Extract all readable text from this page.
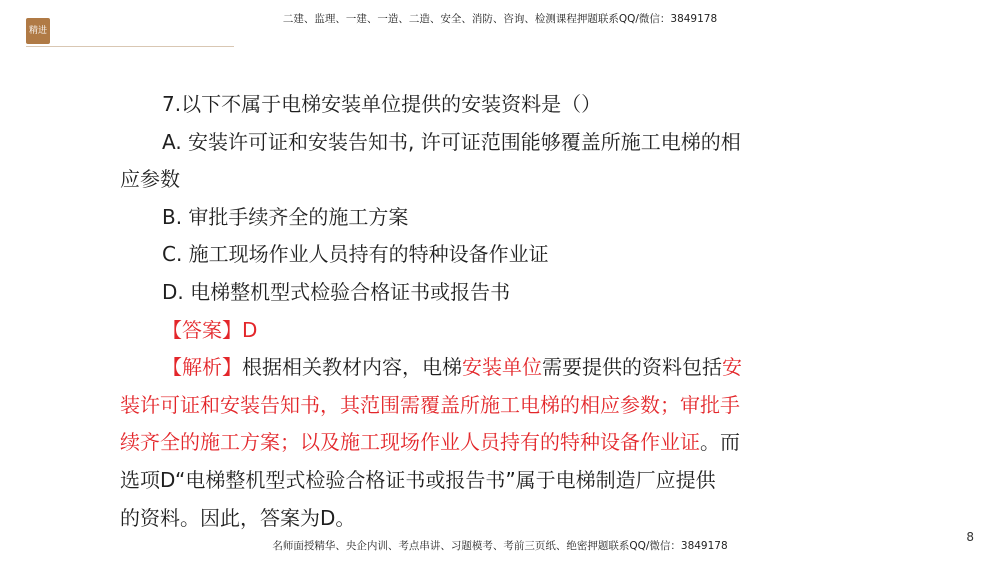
精进
二建、监理、一建、一造、二造、安全、消防、咨询、检测课程押题联系QQ/微信：3849178
7.以下不属于电梯安装单位提供的安装资料是（）
A. 安装许可证和安装告知书, 许可证范围能够覆盖所施工电梯的相
应参数
B. 审批手续齐全的施工方案
C. 施工现场作业人员持有的特种设备作业证
D. 电梯整机型式检验合格证书或报告书
【答案】D
【解析】根据相关教材内容，电梯安装单位需要提供的资料包括安
装许可证和安装告知书，其范围需覆盖所施工电梯的相应参数；审批手
续齐全的施工方案；以及施工现场作业人员持有的特种设备作业证。而
选项D“电梯整机型式检验合格证书或报告书”属于电梯制造厂应提供
的资料。因此，答案为D。
名师面授精华、央企内训、考点串讲、习题模考、考前三页纸、绝密押题联系QQ/微信：3849178
8
